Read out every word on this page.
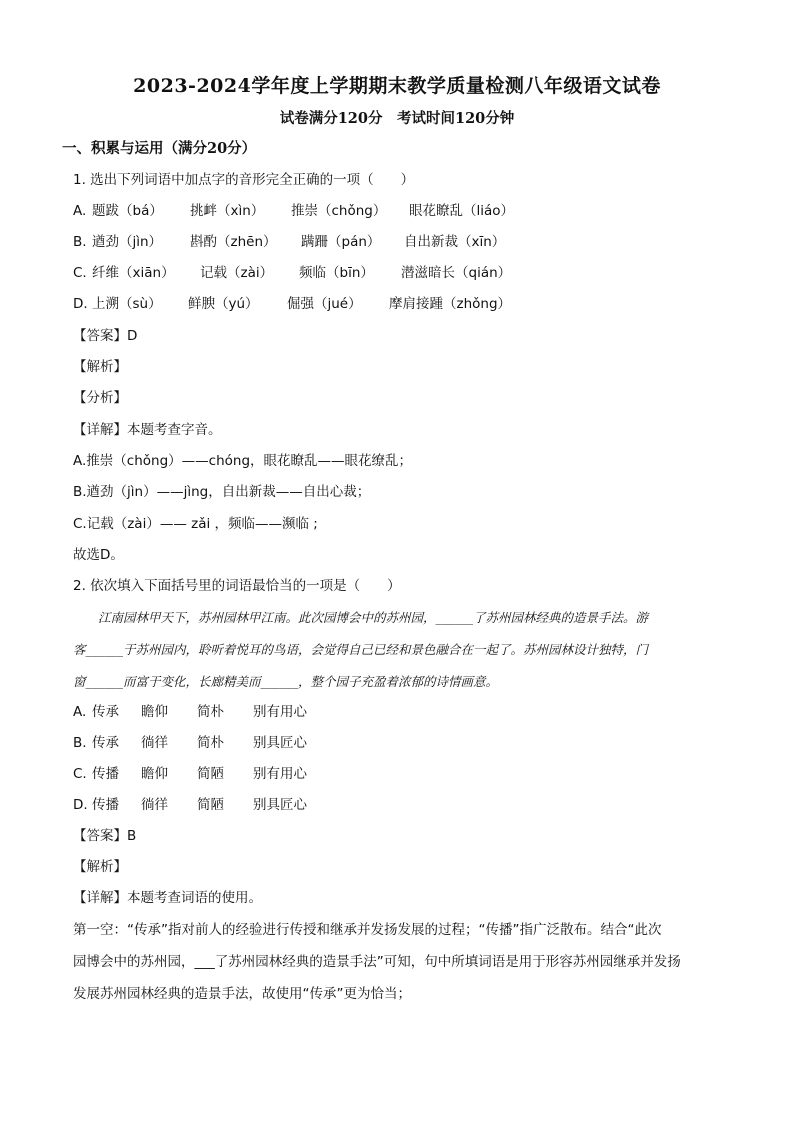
2023-2024学年度上学期期末教学质量检测八年级语文试卷
试卷满分120分　考试时间120分钟
一、积累与运用（满分20分）
1. 选出下列词语中加点字的音形完全正确的一项（　　）
A. 题跋（bá） 挑衅（xìn） 推崇（chǒng） 眼花瞭乱（liáo）
B. 遒劲（jìn） 斟酌（zhēn） 蹒跚（pán） 自出新裁（xīn）
C. 纤维（xiān） 记载（zài） 频临（bīn） 潜滋暗长（qián）
D. 上溯（sù） 鲜腴（yú） 倔强（jué） 摩肩接踵（zhǒng）
【答案】D
【解析】
【分析】
【详解】本题考查字音。
A.推崇（chǒng）——chóng，眼花瞭乱——眼花缭乱；
B.遒劲（jìn）——jìng，自出新裁——自出心裁；
C.记载（zài）—— zǎi ，频临——濒临 ;
故选D。
2. 依次填入下面括号里的词语最恰当的一项是（　　）
江南园林甲天下，苏州园林甲江南。此次园博会中的苏州园，______了苏州园林经典的造景手法。游
客______于苏州园内，聆听着悦耳的鸟语，会觉得自己已经和景色融合在一起了。苏州园林设计独特，门
窗______而富于变化，长廊精美而______，整个园子充盈着浓郁的诗情画意。
A. 传承 瞻仰 简朴 别有用心
B. 传承 徜徉 简朴 别具匠心
C. 传播 瞻仰 简陋 别有用心
D. 传播 徜徉 简陋 别具匠心
【答案】B
【解析】
【详解】本题考查词语的使用。
第一空：“传承”指对前人的经验进行传授和继承并发扬发展的过程；“传播”指广泛散布。结合“此次
园博会中的苏州园，___了苏州园林经典的造景手法”可知，句中所填词语是用于形容苏州园继承并发扬
发展苏州园林经典的造景手法，故使用“传承”更为恰当；
